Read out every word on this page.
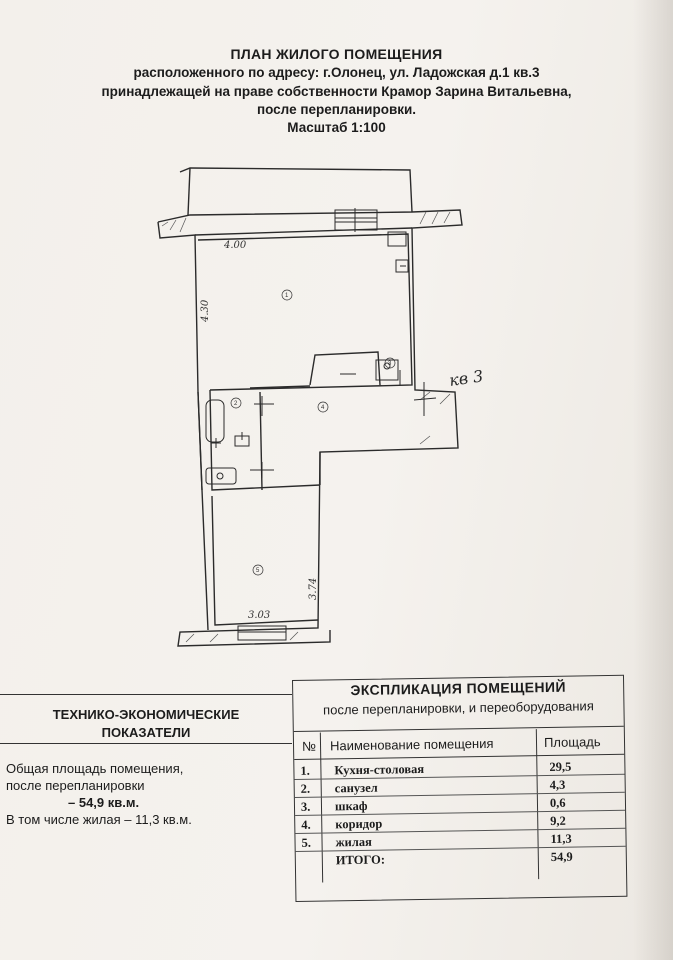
ПЛАН ЖИЛОГО ПОМЕЩЕНИЯ
расположенного по адресу: г.Олонец, ул. Ладожская д.1 кв.3
принадлежащей на праве собственности Крамор Зарина Витальевна,
после перепланировки.
Масштаб 1:100
1
2
3
4
5
4.00
4.30
3.03
3.74
кв 3
ТЕХНИКО-ЭКОНОМИЧЕСКИЕ
ПОКАЗАТЕЛИ
Общая площадь помещения,
после перепланировки
– 54,9 кв.м.
В том числе жилая – 11,3 кв.м.
ЭКСПЛИКАЦИЯ ПОМЕЩЕНИЙ
после перепланировки, и переоборудования
№ Наименование помещения	Площадь
1. Кухня-столовая	29,5
2. санузел	4,3
3. шкаф	0,6
4. коридор	9,2
5. жилая	11,3
ИТОГО:	54,9
